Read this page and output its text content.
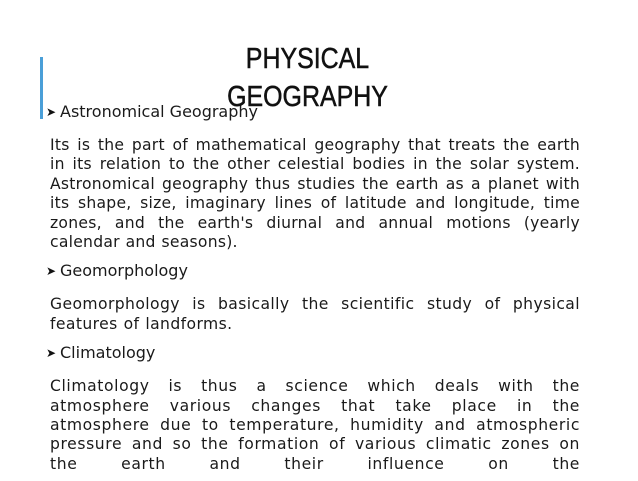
➤ Astronomical Geography
Its is the part of mathematical geography that treats the earth in its relation to the other celestial bodies in the solar system. Astronomical geography thus studies the earth as a planet with its shape, size, imaginary lines of latitude and longitude, time zones, and the earth's diurnal and annual motions (yearly calendar and seasons).
➤ Geomorphology
Geomorphology is basically the scientific study of physical features of landforms.
➤ Climatology
Climatology is thus a science which deals with the atmosphere various changes that take place in the atmosphere due to temperature, humidity and atmospheric pressure and so the formation of various climatic zones on the earth and their influence on the
PHYSICAL
GEOGRAPHY
